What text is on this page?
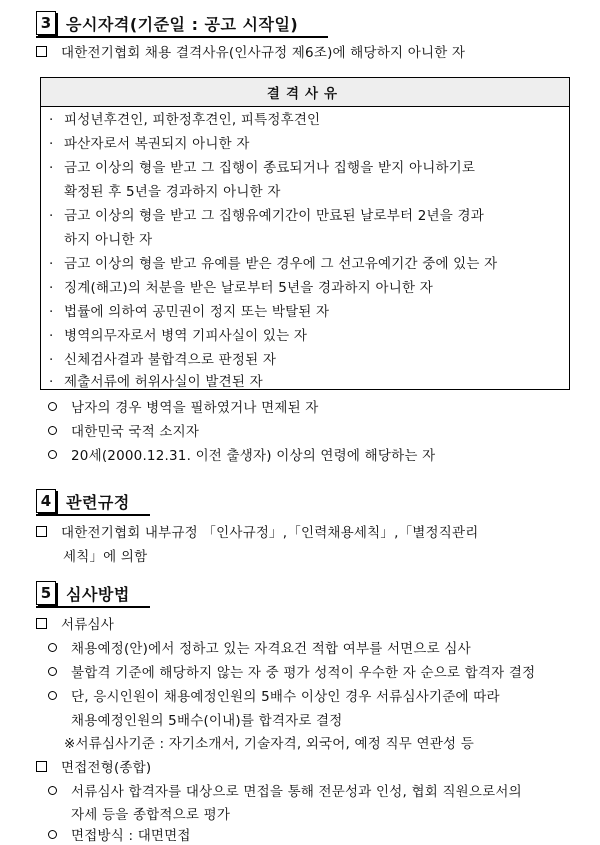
3 응시자격(기준일 : 공고 시작일)
대한전기협회 채용 결격사유(인사규정 제6조)에 해당하지 아니한 자
결격사유
· 피성년후견인, 피한정후견인, 피특정후견인
· 파산자로서 복권되지 아니한 자
· 금고 이상의 형을 받고 그 집행이 종료되거나 집행을 받지 아니하기로
확정된 후 5년을 경과하지 아니한 자
· 금고 이상의 형을 받고 그 집행유예기간이 만료된 날로부터 2년을 경과
하지 아니한 자
· 금고 이상의 형을 받고 유예를 받은 경우에 그 선고유예기간 중에 있는 자
· 징계(해고)의 처분을 받은 날로부터 5년을 경과하지 아니한 자
· 법률에 의하여 공민권이 정지 또는 박탈된 자
· 병역의무자로서 병역 기피사실이 있는 자
· 신체검사결과 불합격으로 판정된 자
· 제출서류에 허위사실이 발견된 자
남자의 경우 병역을 필하였거나 면제된 자
대한민국 국적 소지자
20세(2000.12.31. 이전 출생자) 이상의 연령에 해당하는 자
4 관련규정
대한전기협회 내부규정 「인사규정」,「인력채용세칙」,「별정직관리
세칙」에 의함
5 심사방법
서류심사
채용예정(안)에서 정하고 있는 자격요건 적합 여부를 서면으로 심사
불합격 기준에 해당하지 않는 자 중 평가 성적이 우수한 자 순으로 합격자 결정
단, 응시인원이 채용예정인원의 5배수 이상인 경우 서류심사기준에 따라
채용예정인원의 5배수(이내)를 합격자로 결정
※서류심사기준 : 자기소개서, 기술자격, 외국어, 예정 직무 연관성 등
면접전형(종합)
서류심사 합격자를 대상으로 면접을 통해 전문성과 인성, 협회 직원으로서의
자세 등을 종합적으로 평가
면접방식 : 대면면접
